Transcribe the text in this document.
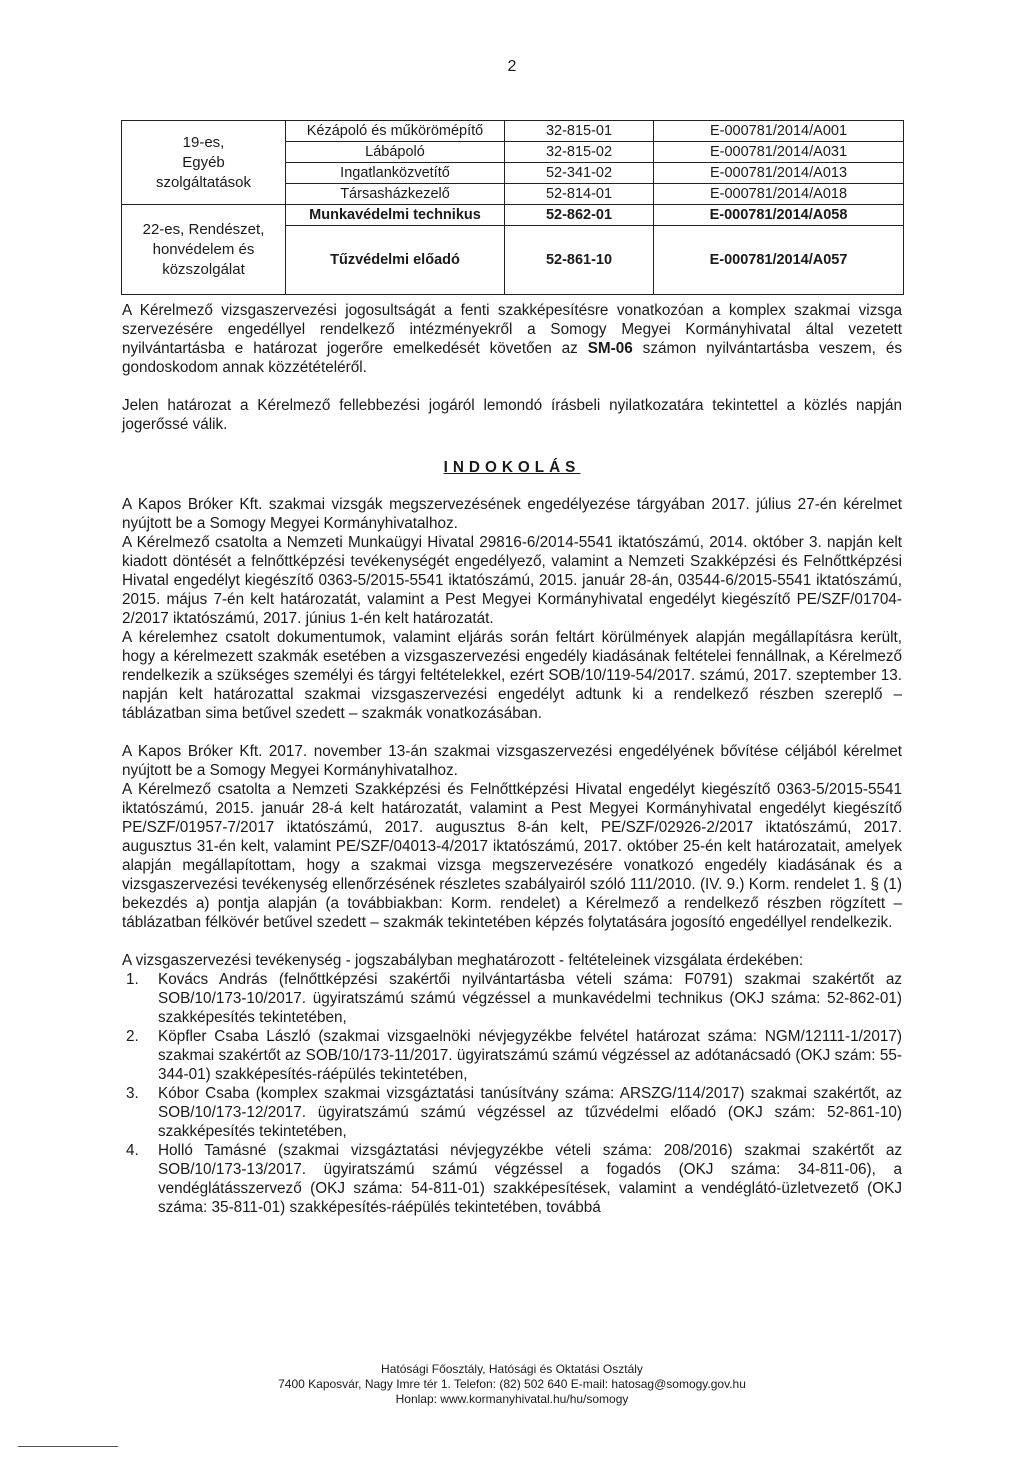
2
19-es,
Egyéb
szolgáltatások	Kézápoló és műkörömépítő	32-815-01	E-000781/2014/A001
	Lábápoló	32-815-02	E-000781/2014/A031
	Ingatlanközvetítő	52-341-02	E-000781/2014/A013
	Társasházkezelő	52-814-01	E-000781/2014/A018

22-es, Rendészet,
honvédelem és
közszolgálat	Munkavédelmi technikus	52-862-01	E-000781/2014/A058
	Tűzvédelmi előadó	52-861-10	E-000781/2014/A057

A Kérelmező vizsgaszervezési jogosultságát a fenti szakképesítésre vonatkozóan a komplex szakmai vizsga szervezésére engedéllyel rendelkező intézményekről a Somogy Megyei Kormányhivatal által vezetett nyilvántartásba e határozat jogerőre emelkedését követően az SM-06 számon nyilvántartásba veszem, és gondoskodom annak közzétételéről.

Jelen határozat a Kérelmező fellebbezési jogáról lemondó írásbeli nyilatkozatára tekintettel a közlés napján jogerőssé válik.

INDOKOLÁS

A Kapos Bróker Kft. szakmai vizsgák megszervezésének engedélyezése tárgyában 2017. július 27-én kérelmet nyújtott be a Somogy Megyei Kormányhivatalhoz.

A Kérelmező csatolta a Nemzeti Munkaügyi Hivatal 29816-6/2014-5541 iktatószámú, 2014. október 3. napján kelt kiadott döntését a felnőttképzési tevékenységét engedélyező, valamint a Nemzeti Szakképzési és Felnőttképzési Hivatal engedélyt kiegészítő 0363-5/2015-5541 iktatószámú, 2015. január 28-án, 03544-6/2015-5541 iktatószámú, 2015. május 7-én kelt határozatát, valamint a Pest Megyei Kormányhivatal engedélyt kiegészítő PE/SZF/01704-2/2017 iktatószámú, 2017. június 1-én kelt határozatát.

A kérelemhez csatolt dokumentumok, valamint eljárás során feltárt körülmények alapján megállapításra került, hogy a kérelmezett szakmák esetében a vizsgaszervezési engedély kiadásának feltételei fennállnak, a Kérelmező rendelkezik a szükséges személyi és tárgyi feltételekkel, ezért SOB/10/119-54/2017. számú, 2017. szeptember 13. napján kelt határozattal szakmai vizsgaszervezési engedélyt adtunk ki a rendelkező részben szereplő – táblázatban sima betűvel szedett – szakmák vonatkozásában.

A Kapos Bróker Kft. 2017. november 13-án szakmai vizsgaszervezési engedélyének bővítése céljából kérelmet nyújtott be a Somogy Megyei Kormányhivatalhoz.

A Kérelmező csatolta a Nemzeti Szakképzési és Felnőttképzési Hivatal engedélyt kiegészítő 0363-5/2015-5541 iktatószámú, 2015. január 28-á kelt határozatát, valamint a Pest Megyei Kormányhivatal engedélyt kiegészítő PE/SZF/01957-7/2017 iktatószámú, 2017. augusztus 8-án kelt, PE/SZF/02926-2/2017 iktatószámú, 2017. augusztus 31-én kelt, valamint PE/SZF/04013-4/2017 iktatószámú, 2017. október 25-én kelt határozatait, amelyek alapján megállapítottam, hogy a szakmai vizsga megszervezésére vonatkozó engedély kiadásának és a vizsgaszervezési tevékenység ellenőrzésének részletes szabályairól szóló 111/2010. (IV. 9.) Korm. rendelet 1. § (1) bekezdés a) pontja alapján (a továbbiakban: Korm. rendelet) a Kérelmező a rendelkező részben rögzített – táblázatban félkövér betűvel szedett – szakmák tekintetében képzés folytatására jogosító engedéllyel rendelkezik.

A vizsgaszervezési tevékenység - jogszabályban meghatározott - feltételeinek vizsgálata érdekében:

1. Kovács András (felnőttképzési szakértői nyilvántartásba vételi száma: F0791) szakmai szakértőt az SOB/10/173-10/2017. ügyiratszámú számú végzéssel a munkavédelmi technikus (OKJ száma: 52-862-01) szakképesítés tekintetében,
2. Köpfler Csaba László (szakmai vizsgaelnöki névjegyzékbe felvétel határozat száma: NGM/12111-1/2017) szakmai szakértőt az SOB/10/173-11/2017. ügyiratszámú számú végzéssel az adótanácsadó (OKJ szám: 55-344-01) szakképesítés-ráépülés tekintetében,
3. Kóbor Csaba (komplex szakmai vizsgáztatási tanúsítvány száma: ARSZG/114/2017) szakmai szakértőt, az SOB/10/173-12/2017. ügyiratszámú számú végzéssel az tűzvédelmi előadó (OKJ szám: 52-861-10) szakképesítés tekintetében,
4. Holló Tamásné (szakmai vizsgáztatási névjegyzékbe vételi száma: 208/2016) szakmai szakértőt az SOB/10/173-13/2017. ügyiratszámú számú végzéssel a fogadós (OKJ száma: 34-811-06), a vendéglátásszervező (OKJ száma: 54-811-01) szakképesítések, valamint a vendéglátó-üzletvezető (OKJ száma: 35-811-01) szakképesítés-ráépülés tekintetében, továbbá
Hatósági Főosztály, Hatósági és Oktatási Osztály
7400 Kaposvár, Nagy Imre tér 1. Telefon: (82) 502 640 E-mail: hatosag@somogy.gov.hu
Honlap: www.kormanyhivatal.hu/hu/somogy
